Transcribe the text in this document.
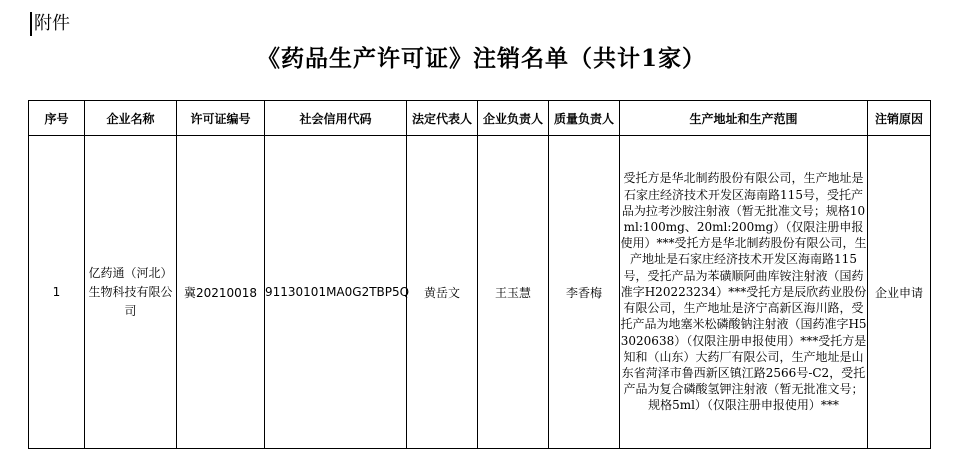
附件
《药品生产许可证》注销名单（共计1家）
序号	企业名称	许可证编号	社会信用代码	法定代表人	企业负责人	质量负责人	生产地址和生产范围	注销原因
1	亿药通（河北）生物科技有限公司	冀20210018	91130101MA0G2TBP5Q	黄岳文	王玉慧	李香梅	受托方是华北制药股份有限公司，生产地址是石家庄经济技术开发区海南路115号，受托产品为拉考沙胺注射液（暂无批准文号；规格10ml:100mg、20ml:200mg）（仅限注册申报使用）***受托方是华北制药股份有限公司，生产地址是石家庄经济技术开发区海南路115号，受托产品为苯磺顺阿曲库铵注射液（国药准字H20223234）***受托方是辰欣药业股份有限公司，生产地址是济宁高新区海川路，受托产品为地塞米松磷酸钠注射液（国药准字H53020638）（仅限注册申报使用）***受托方是知和（山东）大药厂有限公司，生产地址是山东省菏泽市鲁西新区镇江路2566号-C2，受托产品为复合磷酸氢钾注射液（暂无批准文号；规格5ml）（仅限注册申报使用）***	企业申请
